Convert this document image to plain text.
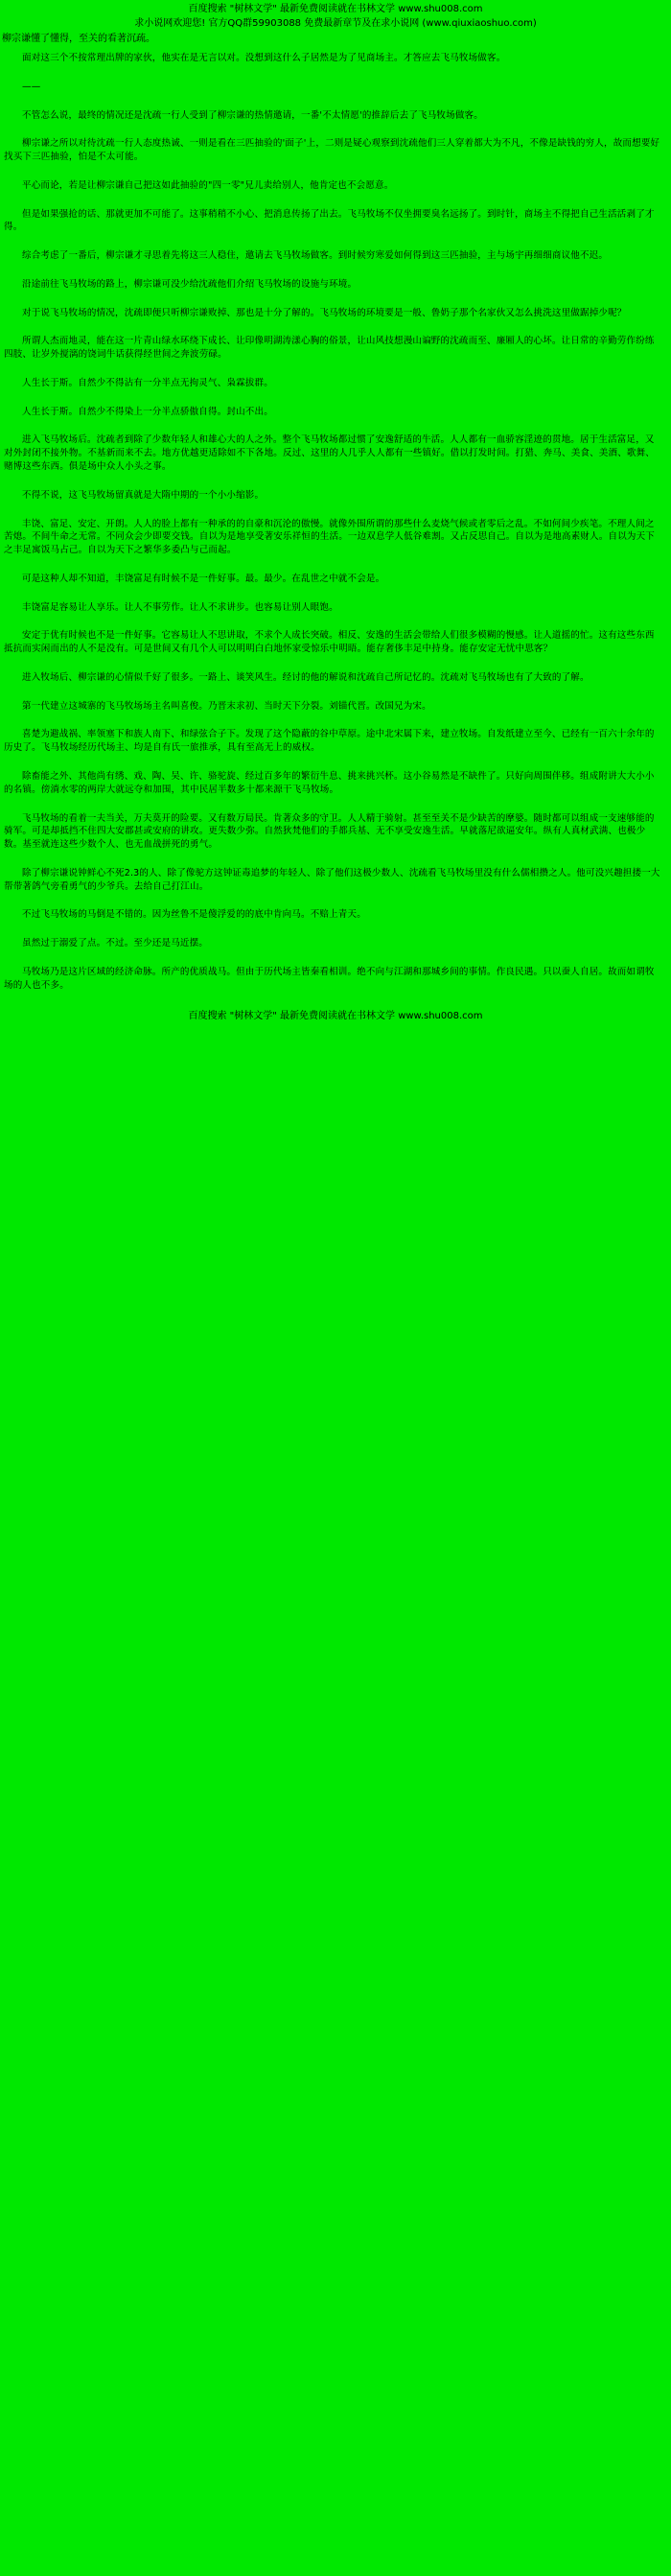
百度搜索 "树林文学" 最新免费阅读就在书林文学 www.shu008.com
求小说网欢迎您! 官方QQ群59903088 免费最新章节及在求小说网 (www.qiuxiaoshuo.com)
柳宗谦懂了懂得，至关的看著沉疏。

面对这三个不按常理出牌的家伙，他实在是无言以对。没想到这什么子居然是为了见商场主。才答应去飞马牧场做客。

——

不管怎么说，最终的情况还是沈疏一行人受到了柳宗谦的热情邀请，一番'不太情愿'的推辞后去了飞马牧场做客。

柳宗谦之所以对待沈疏一行人态度热诚、一则是看在三匹抽验的'面子'上，二则是疑心观察到沈疏他们三人穿着都大为不凡，不像是缺钱的穷人，故而想要好找买下三匹抽验，怕是不太可能。

平心而论，若是让柳宗谦自己把这如此抽验的"四一零"兄儿卖给别人，他肯定也不会愿意。

但是如果强抢的话、那就更加不可能了。这事稍稍不小心、把消息传扬了出去。飞马牧场不仅坐拥要臭名远扬了。到时针，商场主不得把自己生活活剥了才得。

综合考虑了一番后，柳宗谦才寻思着先将这三人稳住，邀请去飞马牧场做客。到时候穷寒爱如何得到这三匹抽验，主与场宇再细细商议他不迟。

沿途前往飞马牧场的路上，柳宗谦可没少给沈疏他们介绍飞马牧场的设施与环境。

对于说飞马牧场的情况，沈疏即便只听柳宗谦败掉、那也是十分了解的。飞马牧场的环境要是一般、鲁奶子那个名家伙又怎么挑洗这里做踞掉少呢？

所谓人杰而地灵，能在这一片青山绿水环绕下成长、让印像明湖涛漾心胸的俗景，让山风技想漫山谝野的沈疏而至、廉厢人的心坏。让日常的辛勤劳作纷练四肢、让岁外搅漓的饶词牛话获得经世间之奔波劳碌。

人生长于斯。自然少不得沾有一分半点无拘灵气、枭霖拔群。

人生长于斯。自然少不得染上一分半点骄傲自得。封山不出。

进入飞马牧场后。沈疏者到除了少数年轻人和雄心大的人之外。整个飞马牧场都过惯了安逸舒适的牛活。人人都有一血骄容淫迹的贯地。居于生活富足，又对外封闭不接外物。不基新而来不去。地方优越更适除如不下各地。反过、这里的人几乎人人都有一些镇好。借以打发时间。打猎、奔马、美食、美酒、歌舞、赌博这些东西。俱是场中众人小头之事。

不得不说，这飞马牧场留真就是大隋中期的一个小小缩影。

丰饶、富足、安定、开朗。人人的脸上都有一种承的的自豪和沉沦的傲慢。就像外围所谓的那些什么麦烧气候或者零后之乱。不如何间少疾笔。不理人间之苦熄。不间牛命之无常。不同众会少即要交钱。自以为是地享受著安乐祥恒的生活。一边双息学人低谷难割。又占反思自己。自以为是地高素财人。自以为天下之丰足寓饭马占己。自以为天下之繁华多委凸与己而起。

可是这种人却不知道，丰饶富足有时候不是一件好事。最。最少。在乱世之中就不会是。

丰饶富足容易让人享乐。让人不事劳作。让人不求讲步。也容易让别人眼饱。

安定于优有时候也不是一件好事。它容易让人不思讲取，不求个人成长突破。相反、安逸的生活会带给人们很多模糊的慢感。让人道摇的忙。这有这些东西抵抗而实闲而出的人不是没有。可是世间又有几个人可以明明白白地怀家受惊乐中明晤。能存奢侈丰足中持身。能存安定无忧中思客？

进入牧场后、柳宗谦的心情似千好了很多。一路上、谈笑风生。经讨的他的解说和沈疏自己所记忆的。沈疏对飞马牧场也有了大致的了解。

第一代建立这城寨的飞马牧场场主名叫喜俊。乃晋末求初、当时天下分裂。刘锚代晋。改国兄为宋。

喜楚为避战祸、率领塞下和族人南下、和绿弦合子下。发现了这个隐蔽的谷中草原。途中北宋属下来，建立牧场。自发纸建立至今、已经有一百六十余年的历史了。飞马牧场经历代场主、均是自有氏一旅推承，具有至高无上的威权。

除畜能之外、其他尚有绣、戏、陶、吴、许、骆驼旋、经过百多年的繁衍牛息、挑来挑兴杯。这小谷易然是不缺件了。只好向周围伴移。组成附讲大大小小的名镇。傍淌水零的两岸大就远夺和加围，其中民居半数多十都来源干飞马牧场。

飞马牧场的看着一夫当关，万夫莫开的险要。又有数万局民。肯著众多的守卫。人人精于骑射。甚至至关不是少缺苦的摩婆。随时都可以组成一支速够能的骑军。可是却抵挡不住四大安郡甚或安府的讲攻。更失数少弥。自然狄梵他们的手都兵基、无不享受安逸生活。早就落尼欲逼安年。纵有人真材武满、也极少数。基至就连这些少数个人、也无血战拼死的勇气。

除了柳宗谦说钟鲜心不死2.3的人、除了像驼方这钟证毒追梦的年轻人、除了他们这极少数人、沈疏看飞马牧场里没有什么儒相攒之人。他可没兴趣担搂一大帮带著鸽气旁看勇气的少爷兵。去给自己打江山。

不过飞马牧场的马倒是不错的。因为丝鲁不是傻浮爱的的底中肯向马。不赔上青天。

虽然过于溺爱了点。不过。至少还是马近摆。

马牧场乃是这片区域的经济命脉。所产的优质战马。但由于历代场主皆秦看相训。绝不向与江湖和那城乡间的事情。作良民遇。只以蚕人自居。故而如谓牧场的人也不多。

百度搜索 "树林文学" 最新免费阅读就在书林文学 www.shu008.com
